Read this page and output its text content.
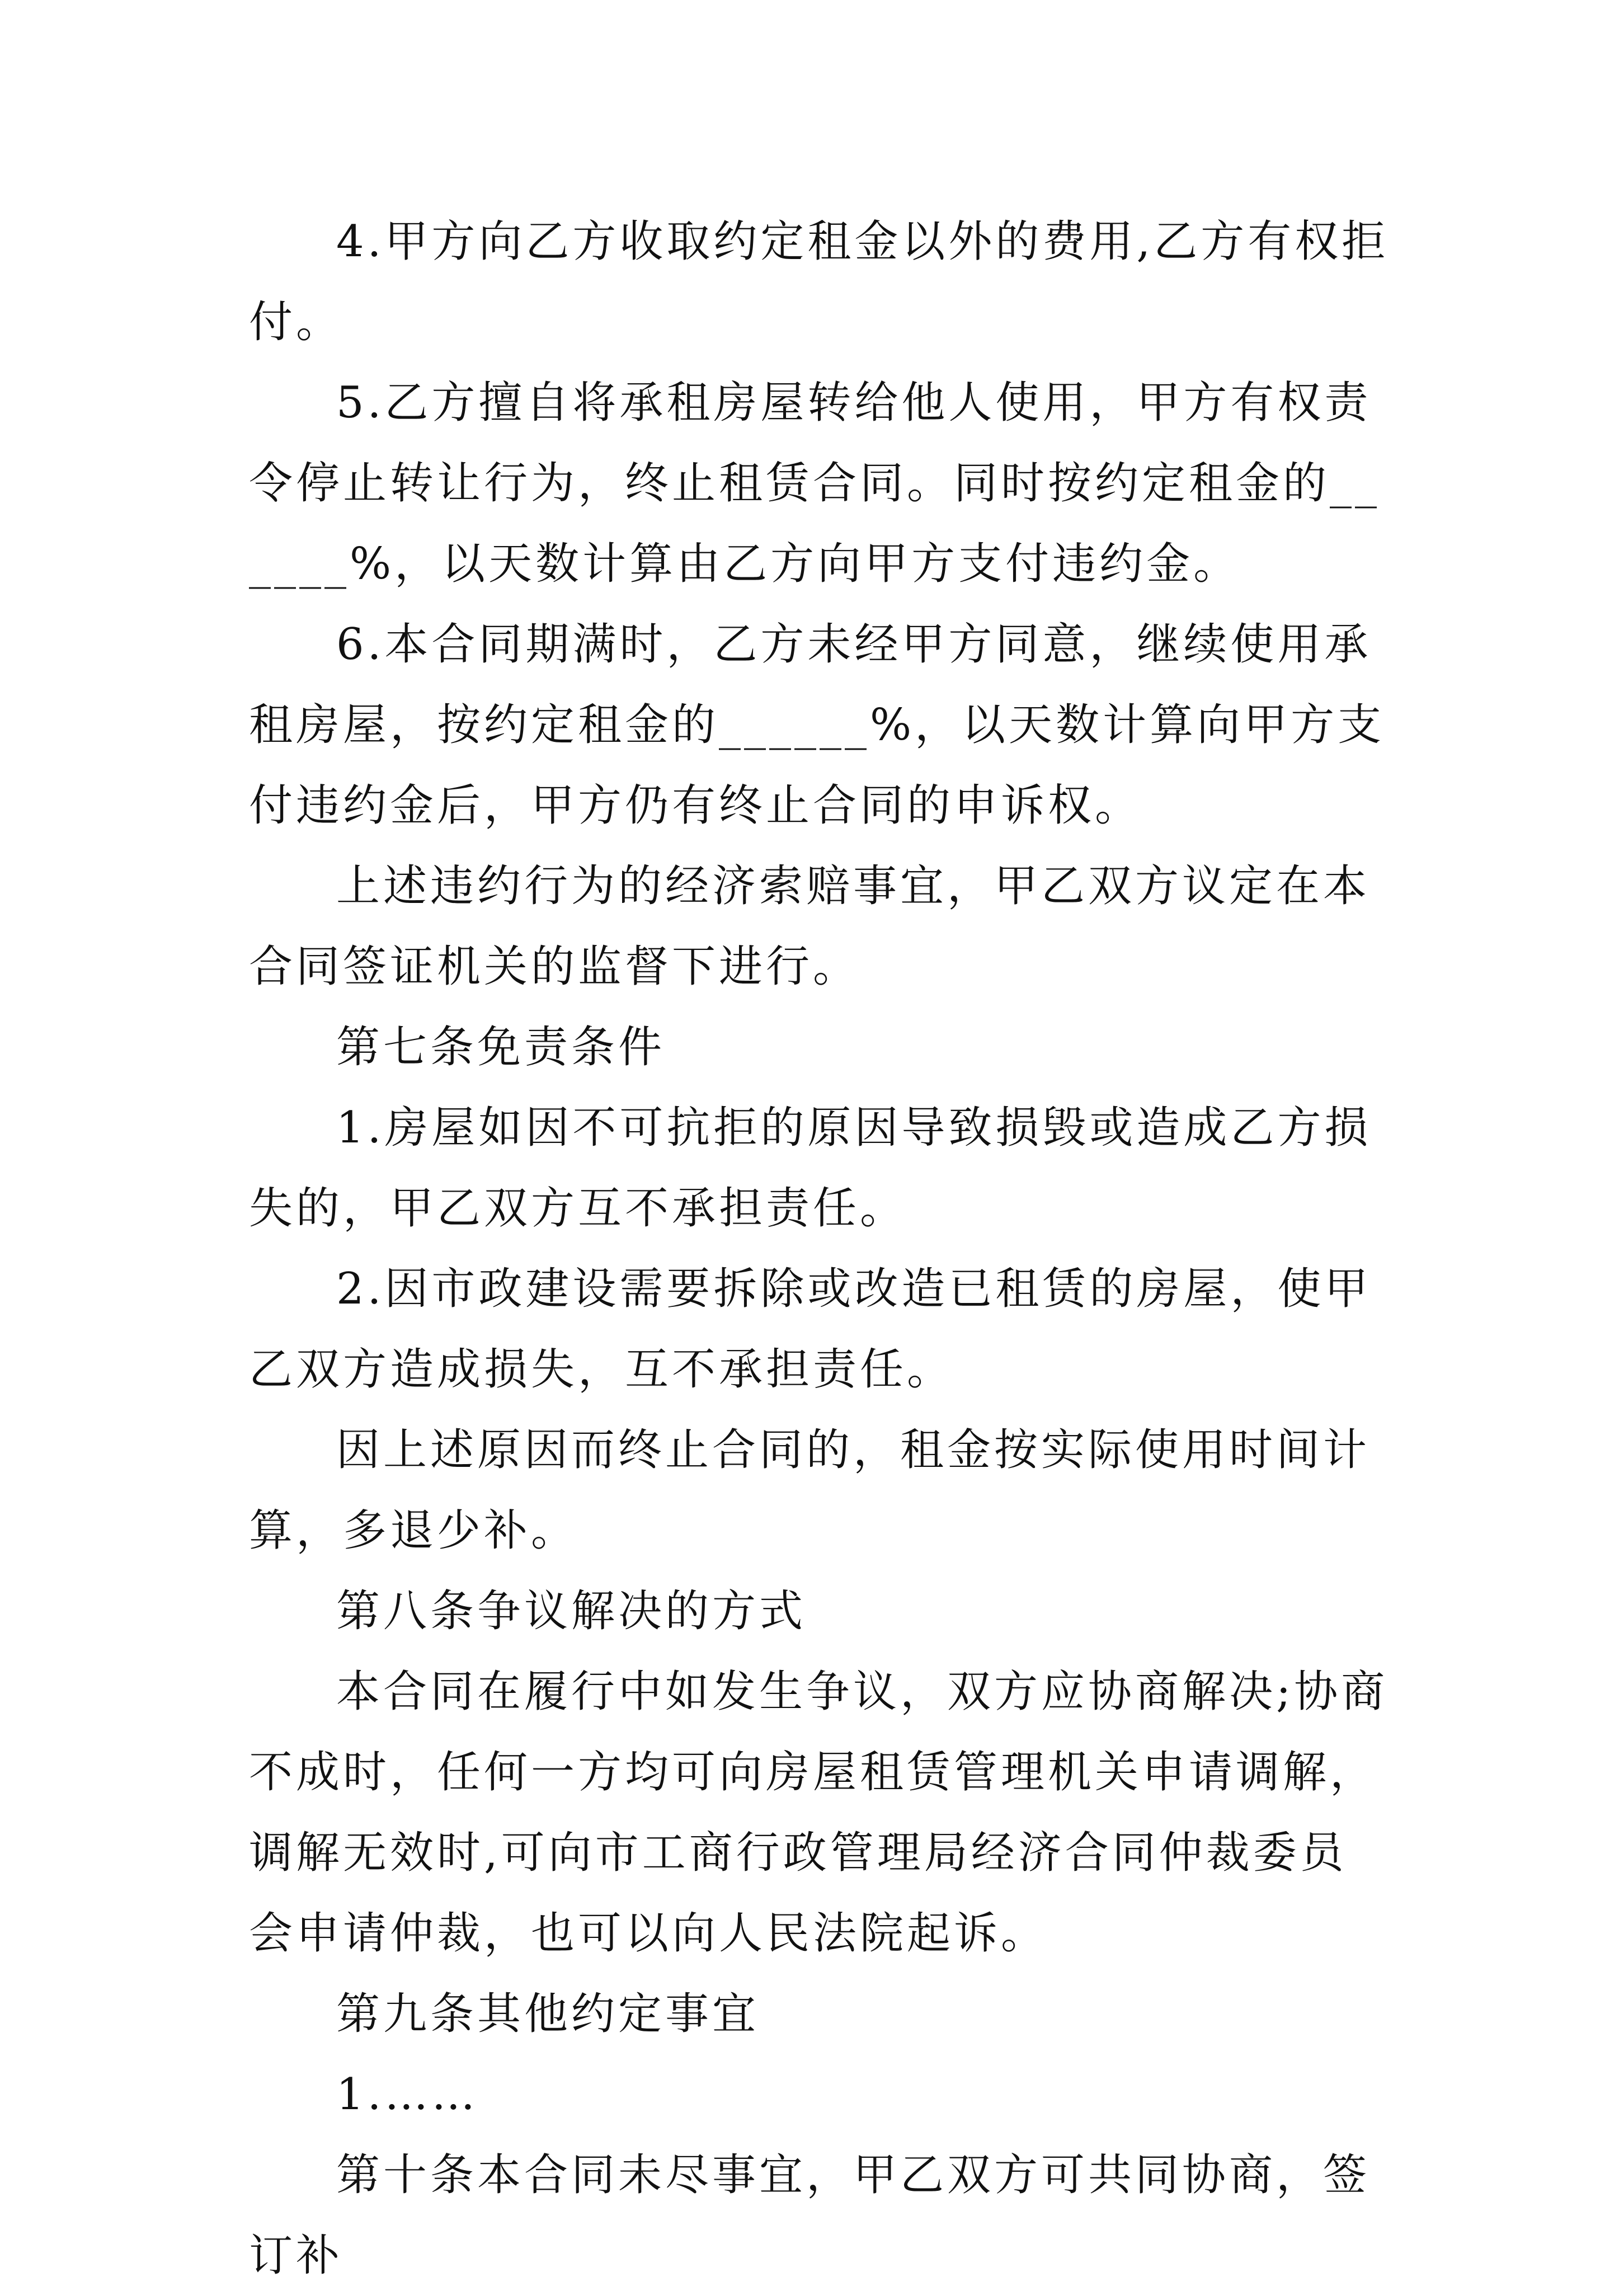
4.甲方向乙方收取约定租金以外的费用,乙方有权拒付。

5.乙方擅自将承租房屋转给他人使用，甲方有权责令停止转让行为，终止租赁合同。同时按约定租金的______%，以天数计算由乙方向甲方支付违约金。

6.本合同期满时，乙方未经甲方同意，继续使用承租房屋，按约定租金的______%，以天数计算向甲方支付违约金后，甲方仍有终止合同的申诉权。

上述违约行为的经济索赔事宜，甲乙双方议定在本合同签证机关的监督下进行。

第七条免责条件

1.房屋如因不可抗拒的原因导致损毁或造成乙方损失的，甲乙双方互不承担责任。

2.因市政建设需要拆除或改造已租赁的房屋，使甲乙双方造成损失，互不承担责任。

因上述原因而终止合同的，租金按实际使用时间计算，多退少补。

第八条争议解决的方式

本合同在履行中如发生争议，双方应协商解决;协商不成时，任何一方均可向房屋租赁管理机关申请调解，调解无效时,可向市工商行政管理局经济合同仲裁委员会申请仲裁，也可以向人民法院起诉。

第九条其他约定事宜

1.……

第十条本合同未尽事宜，甲乙双方可共同协商，签订补
